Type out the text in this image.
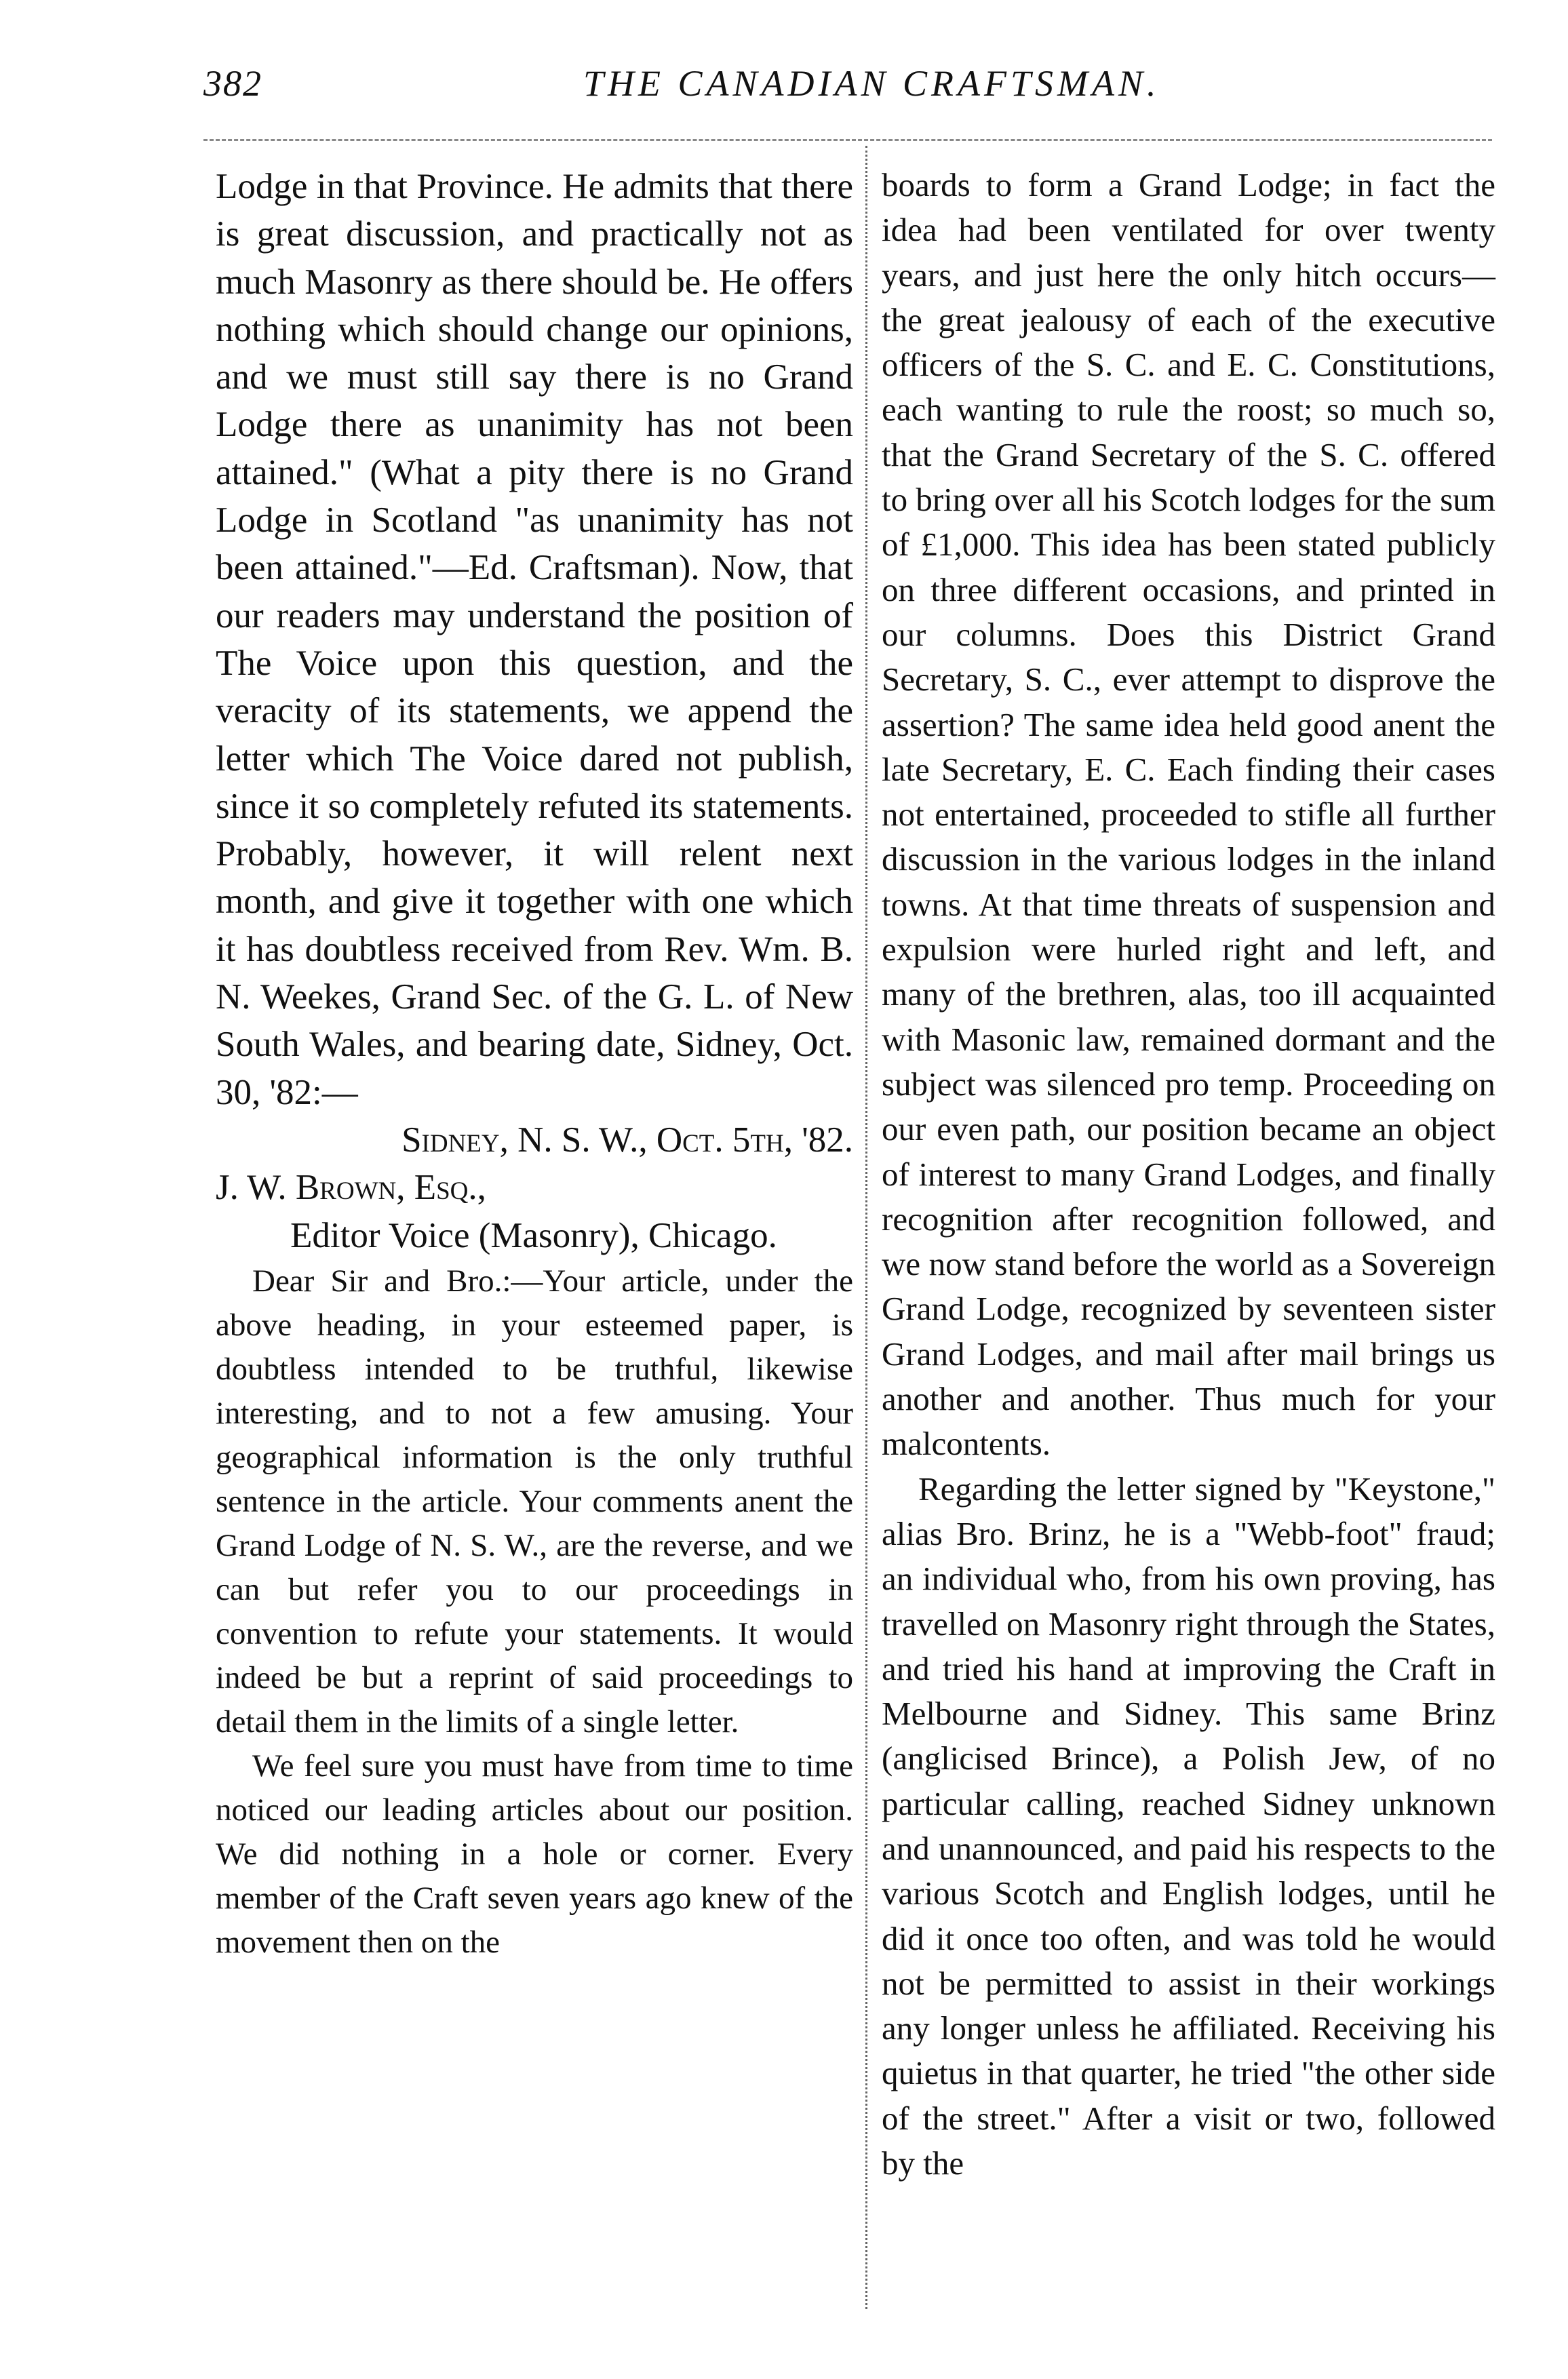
382	THE CANADIAN CRAFTSMAN.

Lodge in that Province. He admits that there is great discussion, and practically not as much Masonry as there should be. He offers nothing which should change our opinions, and we must still say there is no Grand Lodge there as unanimity has not been attained." (What a pity there is no Grand Lodge in Scotland "as unanimity has not been attained."—Ed. Craftsman). Now, that our readers may understand the position of The Voice upon this question, and the veracity of its statements, we append the letter which The Voice dared not publish, since it so completely refuted its statements. Probably, however, it will relent next month, and give it together with one which it has doubtless received from Rev. Wm. B. N. Weekes, Grand Sec. of the G. L. of New South Wales, and bearing date, Sidney, Oct. 30, '82:—

Sidney, N. S. W., Oct. 5th, '82.

J. W. Brown, Esq.,

Editor Voice (Masonry), Chicago.

Dear Sir and Bro.:—Your article, under the above heading, in your esteemed paper, is doubtless intended to be truthful, likewise interesting, and to not a few amusing. Your geographical information is the only truthful sentence in the article. Your comments anent the Grand Lodge of N. S. W., are the reverse, and we can but refer you to our proceedings in convention to refute your statements. It would indeed be but a reprint of said proceedings to detail them in the limits of a single letter.

We feel sure you must have from time to time noticed our leading articles about our position. We did nothing in a hole or corner. Every member of the Craft seven years ago knew of the movement then on the

boards to form a Grand Lodge; in fact the idea had been ventilated for over twenty years, and just here the only hitch occurs—the great jealousy of each of the executive officers of the S. C. and E. C. Constitutions, each wanting to rule the roost; so much so, that the Grand Secretary of the S. C. offered to bring over all his Scotch lodges for the sum of £1,000. This idea has been stated publicly on three different occasions, and printed in our columns. Does this District Grand Secretary, S. C., ever attempt to disprove the assertion? The same idea held good anent the late Secretary, E. C. Each finding their cases not entertained, proceeded to stifle all further discussion in the various lodges in the inland towns. At that time threats of suspension and expulsion were hurled right and left, and many of the brethren, alas, too ill acquainted with Masonic law, remained dormant and the subject was silenced pro temp. Proceeding on our even path, our position became an object of interest to many Grand Lodges, and finally recognition after recognition followed, and we now stand before the world as a Sovereign Grand Lodge, recognized by seventeen sister Grand Lodges, and mail after mail brings us another and another. Thus much for your malcontents.

Regarding the letter signed by "Keystone," alias Bro. Brinz, he is a "Webb-foot" fraud; an individual who, from his own proving, has travelled on Masonry right through the States, and tried his hand at improving the Craft in Melbourne and Sidney. This same Brinz (anglicised Brince), a Polish Jew, of no particular calling, reached Sidney unknown and unannounced, and paid his respects to the various Scotch and English lodges, until he did it once too often, and was told he would not be permitted to assist in their workings any longer unless he affiliated. Receiving his quietus in that quarter, he tried "the other side of the street." After a visit or two, followed by the
